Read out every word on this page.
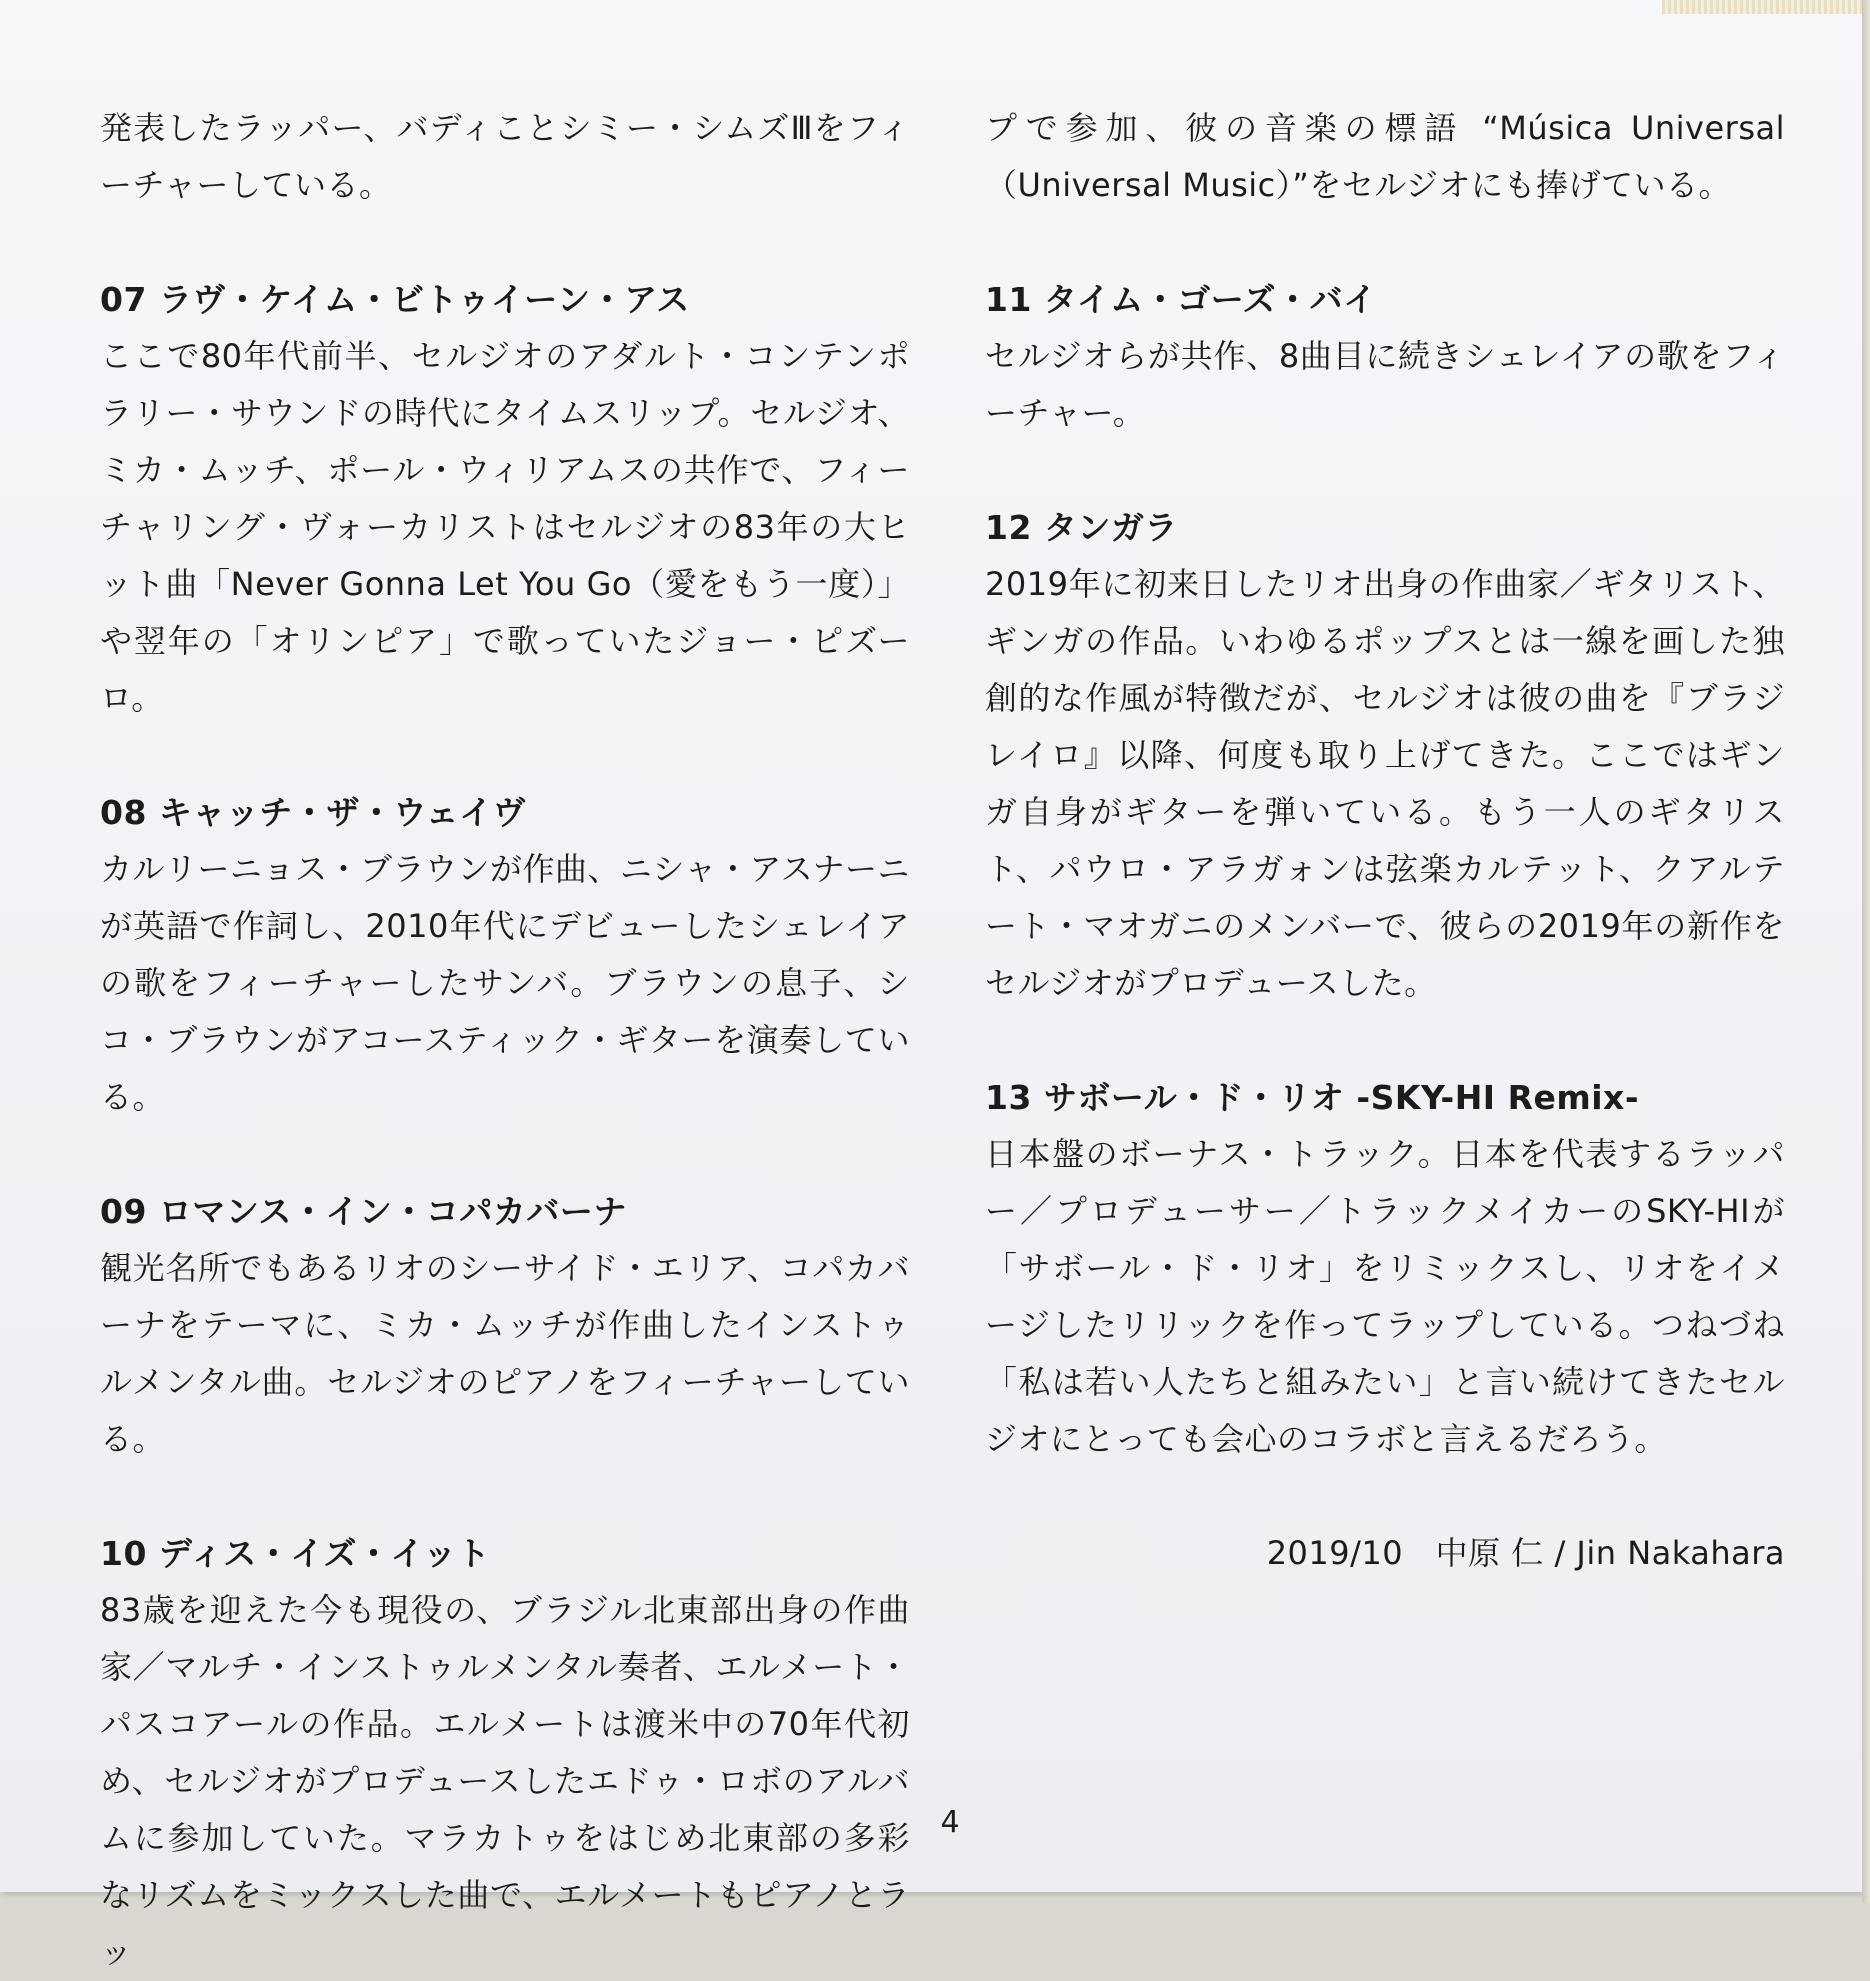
発表したラッパー、バディことシミー・シムズⅢをフィーチャーしている。

07 ラヴ・ケイム・ビトゥイーン・アス

ここで80年代前半、セルジオのアダルト・コンテンポラリー・サウンドの時代にタイムスリップ。セルジオ、ミカ・ムッチ、ポール・ウィリアムスの共作で、フィーチャリング・ヴォーカリストはセルジオの83年の大ヒット曲「Never Gonna Let You Go（愛をもう一度）」や翌年の「オリンピア」で歌っていたジョー・ピズーロ。

08 キャッチ・ザ・ウェイヴ

カルリーニョス・ブラウンが作曲、ニシャ・アスナーニが英語で作詞し、2010年代にデビューしたシェレイアの歌をフィーチャーしたサンバ。ブラウンの息子、シコ・ブラウンがアコースティック・ギターを演奏している。

09 ロマンス・イン・コパカバーナ

観光名所でもあるリオのシーサイド・エリア、コパカバーナをテーマに、ミカ・ムッチが作曲したインストゥルメンタル曲。セルジオのピアノをフィーチャーしている。

10 ディス・イズ・イット

83歳を迎えた今も現役の、ブラジル北東部出身の作曲家／マルチ・インストゥルメンタル奏者、エルメート・パスコアールの作品。エルメートは渡米中の70年代初め、セルジオがプロデュースしたエドゥ・ロボのアルバムに参加していた。マラカトゥをはじめ北東部の多彩なリズムをミックスした曲で、エルメートもピアノとラッ

プで参加、彼の音楽の標語 “Música Universal（Universal Music）”をセルジオにも捧げている。

11 タイム・ゴーズ・バイ

セルジオらが共作、8曲目に続きシェレイアの歌をフィーチャー。

12 タンガラ

2019年に初来日したリオ出身の作曲家／ギタリスト、ギンガの作品。いわゆるポップスとは一線を画した独創的な作風が特徴だが、セルジオは彼の曲を『ブラジレイロ』以降、何度も取り上げてきた。ここではギンガ自身がギターを弾いている。もう一人のギタリスト、パウロ・アラガォンは弦楽カルテット、クアルテート・マオガニのメンバーで、彼らの2019年の新作をセルジオがプロデュースした。

13 サボール・ド・リオ -SKY-HI Remix-

日本盤のボーナス・トラック。日本を代表するラッパー／プロデューサー／トラックメイカーのSKY-HIが「サボール・ド・リオ」をリミックスし、リオをイメージしたリリックを作ってラップしている。つねづね「私は若い人たちと組みたい」と言い続けてきたセルジオにとっても会心のコラボと言えるだろう。

2019/10　中原 仁 / Jin Nakahara

4
